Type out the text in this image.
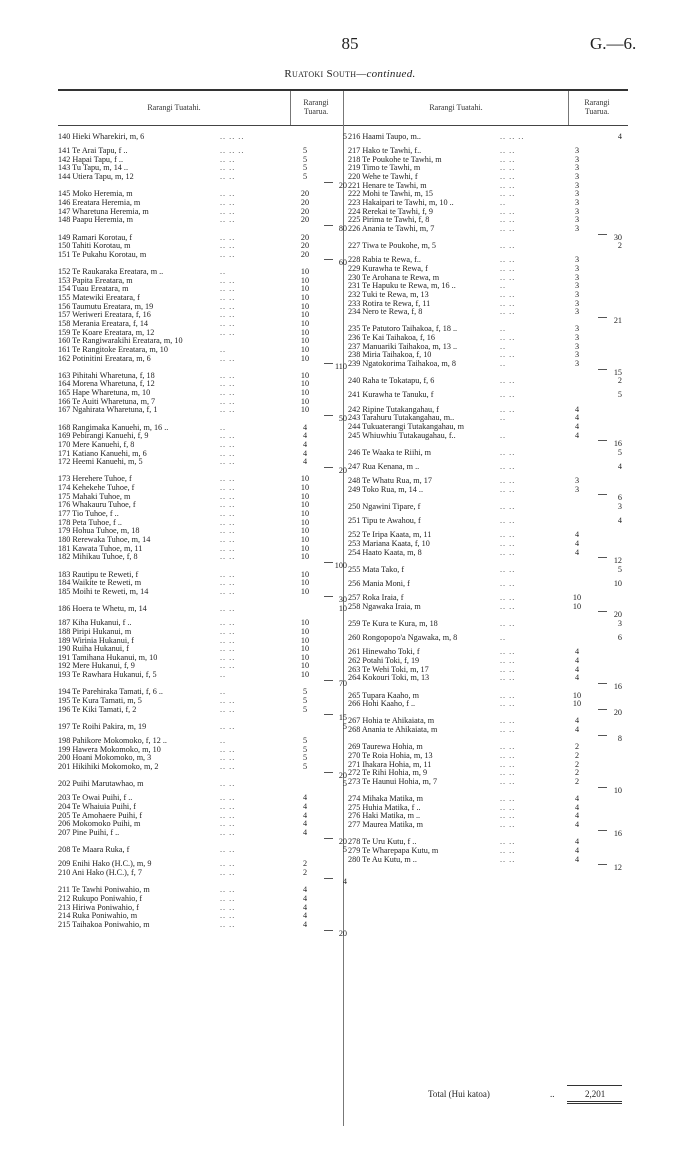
85	G.—6.
Ruatoki South—continued.
Rarangi Tuatahi.
Rarangi
Tuarua.	Rarangi Tuatahi.
Rarangi
Tuarua.
140 Hieki Wharekiri, m, 6	.. .. ..	5
141 Te Arai Tapu, f ..	.. .. ..	5
142 Hapai Tapu, f ..	.. ..	5
143 Tu Tapu, m, 14 ..	.. ..	5
144 Utiera Tapu, m, 12	.. ..	5
20
145 Moko Heremia, m	.. ..	20
146 Ereatara Heremia, m	.. ..	20
147 Wharetuna Heremia, m	.. ..	20
148 Paapu Heremia, m	.. ..	20
80
149 Ramari Korotau, f	.. ..	20
150 Tahiti Korotau, m	.. ..	20
151 Te Pukahu Korotau, m	.. ..	20
60
152 Te Raukaraka Ereatara, m ..	..	10
153 Papita Ereatara, m	.. ..	10
154 Tuau Ereatara, m	.. ..	10
155 Matewiki Ereatara, f	.. ..	10
156 Taumutu Ereatara, m, 19	.. ..	10
157 Weriweri Ereatara, f, 16	.. ..	10
158 Merania Ereatara, f, 14	.. ..	10
159 Te Koare Ereatara, m, 12	.. ..	10
160 Te Rangiwarakihi Ereatara, m, 10	10
161 Te Rangitoke Ereatara, m, 10	..	10
162 Potinitini Ereatara, m, 6	.. ..	10
110
163 Pihitahi Wharetuna, f, 18	.. ..	10
164 Morena Wharetuna, f, 12	.. ..	10
165 Hape Wharetuna, m, 10	.. ..	10
166 Te Auiti Wharetuna, m, 7	.. ..	10
167 Ngahirata Wharetuna, f, 1	.. ..	10
50
168 Rangimaka Kanuehi, m, 16 ..	..	4
169 Pebirangi Kanuehi, f, 9	.. ..	4
170 Mere Kanuehi, f, 8	.. ..	4
171 Katiano Kanuehi, m, 6	.. ..	4
172 Heemi Kanuehi, m, 5	.. ..	4
20
173 Herehere Tuhoe, f	.. ..	10
174 Kehekehe Tuhoe, f	.. ..	10
175 Mahaki Tuhoe, m	.. ..	10
176 Whakauru Tuhoe, f	.. ..	10
177 Tio Tuhoe, f ..	.. ..	10
178 Peta Tuhoe, f ..	.. ..	10
179 Hohua Tuhoe, m, 18	.. ..	10
180 Rerewaka Tuhoe, m, 14	.. ..	10
181 Kawata Tuhoe, m, 11	.. ..	10
182 Mihikau Tuhoe, f, 8	.. ..	10
100
183 Rautipu te Reweti, f	.. ..	10
184 Waikite te Reweti, m	.. ..	10
185 Moihi te Reweti, m, 14	.. ..	10
30
186 Hoera te Whetu, m, 14	.. ..	10
187 Kiha Hukanui, f ..	.. ..	10
188 Piripi Hukanui, m	.. ..	10
189 Wirinia Hukanui, f	.. ..	10
190 Ruiha Hukanui, f	.. ..	10
191 Tamihana Hukanui, m, 10	.. ..	10
192 Mere Hukanui, f, 9	.. ..	10
193 Te Rawhara Hukanui, f, 5	..	10
70
194 Te Parehiraka Tamati, f, 6 ..	..	5
195 Te Kura Tamati, m, 5	.. ..	5
196 Te Kiki Tamati, f, 2	.. ..	5
15
197 Te Roihi Pakira, m, 19	.. ..	5
198 Pahikore Mokomoko, f, 12 ..	..	5
199 Hawera Mokomoko, m, 10	.. ..	5
200 Hoani Mokomoko, m, 3	.. ..	5
201 Hikihiki Mokomoko, m, 2	.. ..	5
20
202 Puihi Marutawhao, m	.. ..	5
203 Te Owai Puihi, f ..	.. ..	4
204 Te Whaiuia Puihi, f	.. ..	4
205 Te Amohaere Puihi, f	.. ..	4
206 Mokomoko Puihi, m	.. ..	4
207 Pine Puihi, f ..	.. ..	4
20
208 Te Maara Ruka, f	.. ..	5
209 Enihi Hako (H.C.), m, 9	.. ..	2
210 Ani Hako (H.C.), f, 7	.. ..	2
4
211 Te Tawhi Poniwahio, m	.. ..	4
212 Rukupo Poniwahio, f	.. ..	4
213 Hiriwa Poniwahio, f	.. ..	4
214 Ruka Poniwahio, m	.. ..	4
215 Taihakoa Poniwahio, m	.. ..	4
20
216 Haami Taupo, m..	.. .. ..	4
217 Hako te Tawhi, f..	.. ..	3
218 Te Poukohe te Tawhi, m	.. ..	3
219 Timo te Tawhi, m	.. ..	3
220 Wehe te Tawhi, f	.. ..	3
221 Henare te Tawhi, m	.. ..	3
222 Mohi te Tawhi, m, 15	.. ..	3
223 Hakaipari te Tawhi, m, 10 ..	..	3
224 Rerekai te Tawhi, f, 9	.. ..	3
225 Pirima te Tawhi, f, 8	.. ..	3
226 Anania te Tawhi, m, 7	.. ..	3
30
227 Tiwa te Poukohe, m, 5	.. ..	2
228 Rabia te Rewa, f..	.. ..	3
229 Kurawha te Rewa, f	.. ..	3
230 Te Arohana te Rewa, m	.. ..	3
231 Te Hapuku te Rewa, m, 16 ..	..	3
232 Tuki te Rewa, m, 13	.. ..	3
233 Rotira te Rewa, f, 11	.. ..	3
234 Nero te Rewa, f, 8	.. ..	3
21
235 Te Patutoro Taihakoa, f, 18 ..	..	3
236 Te Kai Taihakoa, f, 16	.. ..	3
237 Manuariki Taihakoa, m, 13 ..	..	3
238 Miria Taihakoa, f, 10	.. ..	3
239 Ngatokorima Taihakoa, m, 8	..	3
15
240 Raha te Tokatapu, f, 6	.. ..	2
241 Kurawha te Tanuku, f	.. ..	5
242 Ripine Tutakangahau, f	.. ..	4
243 Tarahuru Tutakangahau, m..	..	4
244 Tukuaterangi Tutakangahau, m	4
245 Whiuwhiu Tutakaugahau, f..	..	4
16
246 Te Waaka te Riihi, m	.. ..	5
247 Rua Kenana, m ..	.. ..	4
248 Te Whatu Rua, m, 17	.. ..	3
249 Toko Rua, m, 14 ..	.. ..	3
6
250 Ngawini Tipare, f	.. ..	3
251 Tipu te Awahou, f	.. ..	4
252 Te Iripa Kaata, m, 11	.. ..	4
253 Mariana Kaata, f, 10	.. ..	4
254 Haato Kaata, m, 8	.. ..	4
12
255 Mata Tako, f	.. ..	5
256 Mania Moni, f	.. ..	10
257 Roka Iraia, f	.. ..	10
258 Ngawaka Iraia, m	.. ..	10
20
259 Te Kura te Kura, m, 18	.. ..	3
260 Rongopopo'a Ngawaka, m, 8	..	6
261 Hinewaho Toki, f	.. ..	4
262 Potahi Toki, f, 19	.. ..	4
263 Te Wehi Toki, m, 17	.. ..	4
264 Kokouri Toki, m, 13	.. ..	4
16
265 Tupara Kaaho, m	.. ..	10
266 Hohi Kaaho, f ..	.. ..	10
20
267 Hohia te Ahikaiata, m	.. ..	4
268 Anania te Ahikaiata, m	.. ..	4
8
269 Taurewa Hohia, m	.. ..	2
270 Te Roia Hohia, m, 13	.. ..	2
271 Ihakara Hohia, m, 11	.. ..	2
272 Te Rihi Hohia, m, 9	.. ..	2
273 Te Haunui Hohia, m, 7	.. ..	2
10
274 Mihaka Matika, m	.. ..	4
275 Huhia Matika, f ..	.. ..	4
276 Haki Matika, m ..	.. ..	4
277 Maurea Matika, m	.. ..	4
16
278 Te Uru Kutu, f ..	.. ..	4
279 Te Wharepapa Kutu, m	.. ..	4
280 Te Au Kutu, m ..	.. ..	4
12
Total (Hui katoa)	..	2,201
